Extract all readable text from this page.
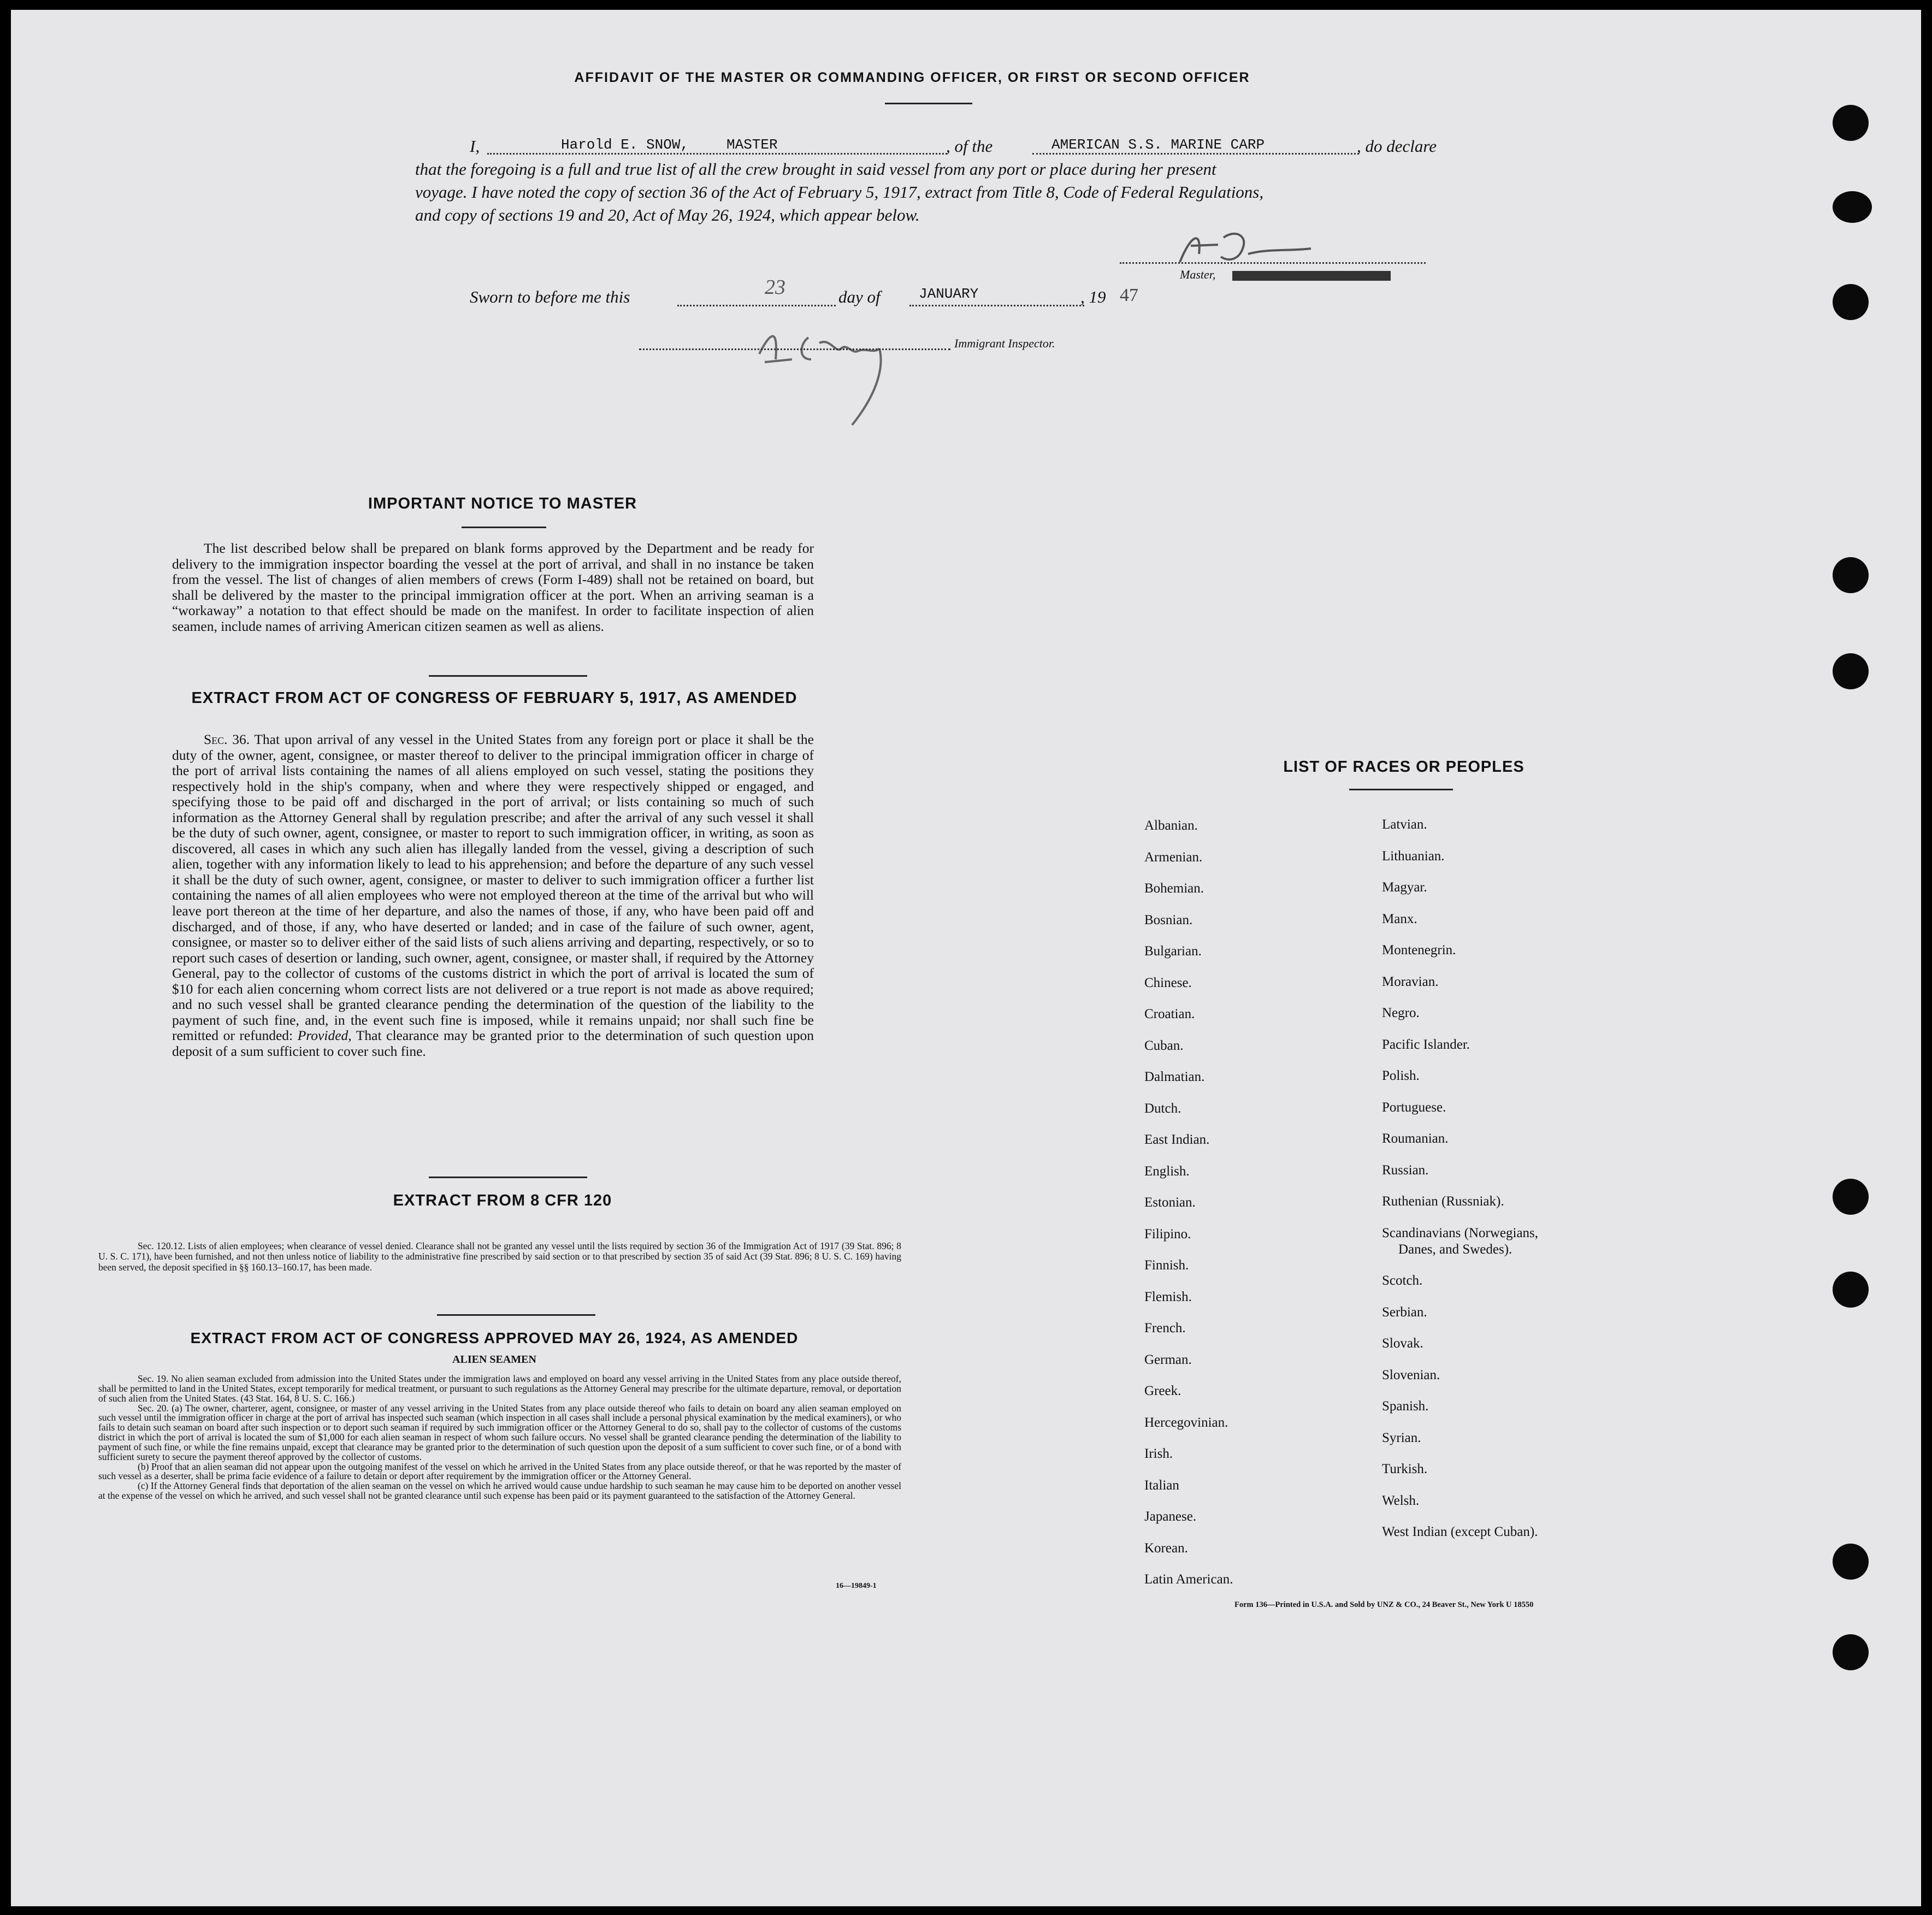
AFFIDAVIT OF THE MASTER OR COMMANDING OFFICER, OR FIRST OR SECOND OFFICER
I,	Harold E. SNOW,	MASTER	, of the	AMERICAN S.S. MARINE CARP	, do declare
that the foregoing is a full and true list of all the crew brought in said vessel from any port or place during her present
voyage. I have noted the copy of section 36 of the Act of February 5, 1917, extract from Title 8, Code of Federal Regulations,
and copy of sections 19 and 20, Act of May 26, 1924, which appear below.
Master,
Sworn to before me this	23	day of	JANUARY	, 19 47
Immigrant Inspector.
IMPORTANT NOTICE TO MASTER
The list described below shall be prepared on blank forms approved by the Department and be ready for delivery to the immigration inspector boarding the vessel at the port of arrival, and shall in no instance be taken from the vessel. The list of changes of alien members of crews (Form I-489) shall not be retained on board, but shall be delivered by the master to the principal immigration officer at the port. When an arriving seaman is a “workaway” a notation to that effect should be made on the manifest. In order to facilitate inspection of alien seamen, include names of arriving American citizen seamen as well as aliens.
EXTRACT FROM ACT OF CONGRESS OF FEBRUARY 5, 1917, AS AMENDED
Sec. 36. That upon arrival of any vessel in the United States from any foreign port or place it shall be the duty of the owner, agent, consignee, or master thereof to deliver to the principal immigration officer in charge of the port of arrival lists containing the names of all aliens employed on such vessel, stating the positions they respectively hold in the ship's company, when and where they were respectively shipped or engaged, and specifying those to be paid off and discharged in the port of arrival; or lists containing so much of such information as the Attorney General shall by regulation prescribe; and after the arrival of any such vessel it shall be the duty of such owner, agent, consignee, or master to report to such immigration officer, in writing, as soon as discovered, all cases in which any such alien has illegally landed from the vessel, giving a description of such alien, together with any information likely to lead to his apprehension; and before the departure of any such vessel it shall be the duty of such owner, agent, consignee, or master to deliver to such immigration officer a further list containing the names of all alien employees who were not employed thereon at the time of the arrival but who will leave port thereon at the time of her departure, and also the names of those, if any, who have been paid off and discharged, and of those, if any, who have deserted or landed; and in case of the failure of such owner, agent, consignee, or master so to deliver either of the said lists of such aliens arriving and departing, respectively, or so to report such cases of desertion or landing, such owner, agent, consignee, or master shall, if required by the Attorney General, pay to the collector of customs of the customs district in which the port of arrival is located the sum of $10 for each alien concerning whom correct lists are not delivered or a true report is not made as above required; and no such vessel shall be granted clearance pending the determination of the question of the liability to the payment of such fine, and, in the event such fine is imposed, while it remains unpaid; nor shall such fine be remitted or refunded: Provided, That clearance may be granted prior to the determination of such question upon deposit of a sum sufficient to cover such fine.
EXTRACT FROM 8 CFR 120
Sec. 120.12. Lists of alien employees; when clearance of vessel denied. Clearance shall not be granted any vessel until the lists required by section 36 of the Immigration Act of 1917 (39 Stat. 896; 8 U. S. C. 171), have been furnished, and not then unless notice of liability to the administrative fine prescribed by said section or to that prescribed by section 35 of said Act (39 Stat. 896; 8 U. S. C. 169) having been served, the deposit specified in §§ 160.13–160.17, has been made.
EXTRACT FROM ACT OF CONGRESS APPROVED MAY 26, 1924, AS AMENDED
ALIEN SEAMEN

Sec. 19. No alien seaman excluded from admission into the United States under the immigration laws and employed on board any vessel arriving in the United States from any place outside thereof, shall be permitted to land in the United States, except temporarily for medical treatment, or pursuant to such regulations as the Attorney General may prescribe for the ultimate departure, removal, or deportation of such alien from the United States. (43 Stat. 164, 8 U. S. C. 166.)

Sec. 20. (a) The owner, charterer, agent, consignee, or master of any vessel arriving in the United States from any place outside thereof who fails to detain on board any alien seaman employed on such vessel until the immigration officer in charge at the port of arrival has inspected such seaman (which inspection in all cases shall include a personal physical examination by the medical examiners), or who fails to detain such seaman on board after such inspection or to deport such seaman if required by such immigration officer or the Attorney General to do so, shall pay to the collector of customs of the customs district in which the port of arrival is located the sum of $1,000 for each alien seaman in respect of whom such failure occurs. No vessel shall be granted clearance pending the determination of the liability to payment of such fine, or while the fine remains unpaid, except that clearance may be granted prior to the determination of such question upon the deposit of a sum sufficient to cover such fine, or of a bond with sufficient surety to secure the payment thereof approved by the collector of customs.

(b) Proof that an alien seaman did not appear upon the outgoing manifest of the vessel on which he arrived in the United States from any place outside thereof, or that he was reported by the master of such vessel as a deserter, shall be prima facie evidence of a failure to detain or deport after requirement by the immigration officer or the Attorney General.

(c) If the Attorney General finds that deportation of the alien seaman on the vessel on which he arrived would cause undue hardship to such seaman he may cause him to be deported on another vessel at the expense of the vessel on which he arrived, and such vessel shall not be granted clearance until such expense has been paid or its payment guaranteed to the satisfaction of the Attorney General.

16—19849-1
LIST OF RACES OR PEOPLES
Albanian.
Armenian.
Bohemian.
Bosnian.
Bulgarian.
Chinese.
Croatian.
Cuban.
Dalmatian.
Dutch.
East Indian.
English.
Estonian.
Filipino.
Finnish.
Flemish.
French.
German.
Greek.
Hercegovinian.
Irish.
Italian
Japanese.
Korean.
Latin American.
Latvian.
Lithuanian.
Magyar.
Manx.
Montenegrin.
Moravian.
Negro.
Pacific Islander.
Polish.
Portuguese.
Roumanian.
Russian.
Ruthenian (Russniak).
Scandinavians (Norwegians,
Danes, and Swedes).
Scotch.
Serbian.
Slovak.
Slovenian.
Spanish.
Syrian.
Turkish.
Welsh.
West Indian (except Cuban).
Form 136—Printed in U.S.A. and Sold by UNZ & CO., 24 Beaver St., New York U 18550
